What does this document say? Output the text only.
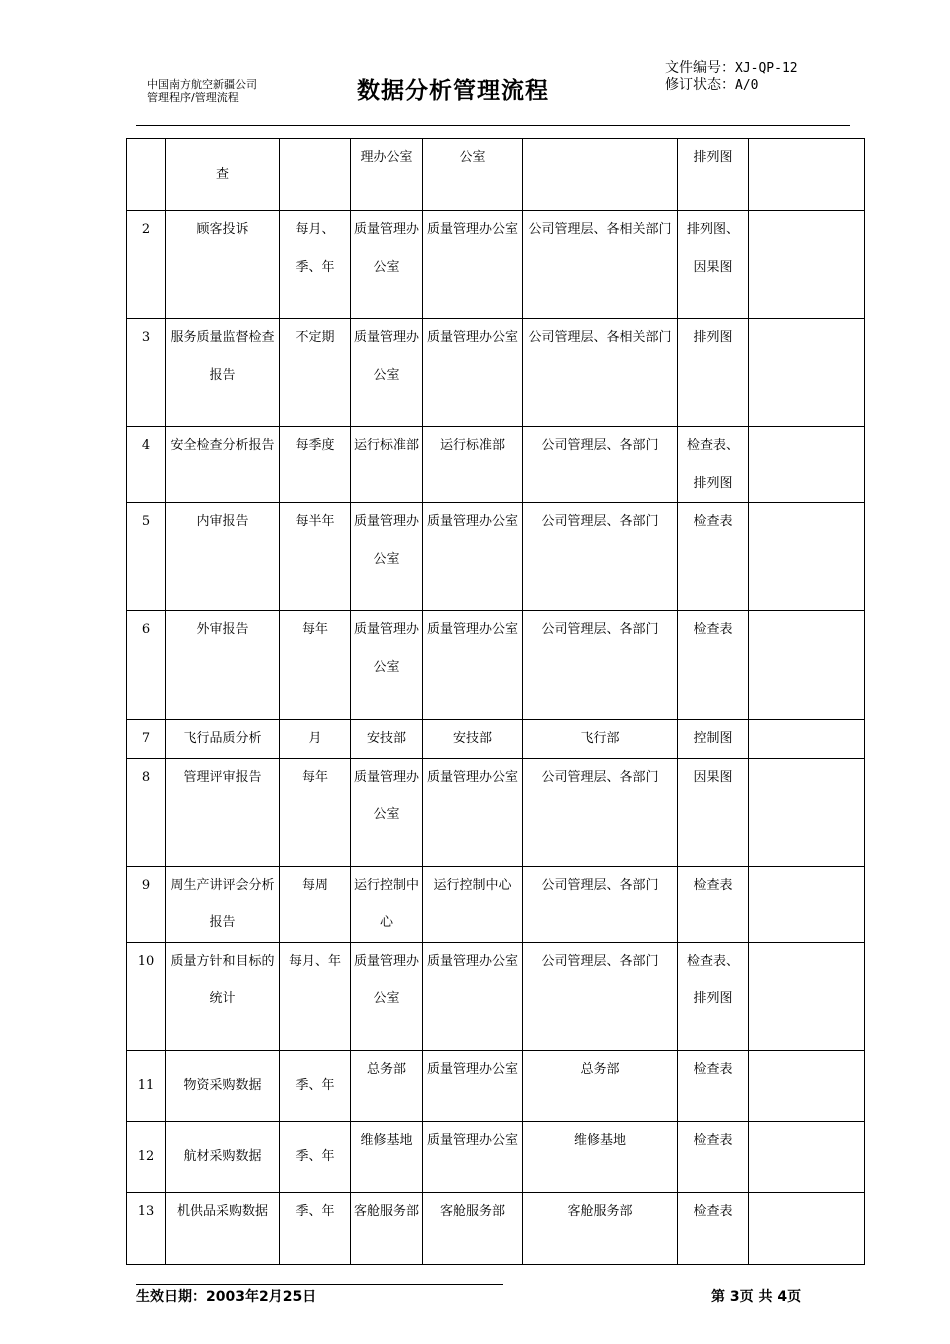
中国南方航空新疆公司
管理程序/管理流程	数据分析管理流程
文件编号：XJ-QP-12
修订状态：A/0

	查		理办公室	公室		排列图	

2	顾客投诉	每月、季、年	质量管理办公室	质量管理办公室	公司管理层、各相关部门	排列图、因果图	

3	服务质量监督检查报告	不定期	质量管理办公室	质量管理办公室	公司管理层、各相关部门	排列图	

4	安全检查分析报告	每季度	运行标准部	运行标准部	公司管理层、各部门	检查表、排列图	

5	内审报告	每半年	质量管理办公室	质量管理办公室	公司管理层、各部门	检查表	

6	外审报告	每年	质量管理办公室	质量管理办公室	公司管理层、各部门	检查表	

7	飞行品质分析	月	安技部	安技部	飞行部	控制图	

8	管理评审报告	每年	质量管理办公室	质量管理办公室	公司管理层、各部门	因果图	

9	周生产讲评会分析报告	每周	运行控制中心	运行控制中心	公司管理层、各部门	检查表	

10	质量方针和目标的统计	每月、年	质量管理办公室	质量管理办公室	公司管理层、各部门	检查表、排列图	

11	物资采购数据	季、年	总务部	质量管理办公室	总务部	检查表	

12	航材采购数据	季、年	维修基地	质量管理办公室	维修基地	检查表	

13	机供品采购数据	季、年	客舱服务部	客舱服务部	客舱服务部	检查表	

生效日期：2003年2月25日	第 3页 共 4页
